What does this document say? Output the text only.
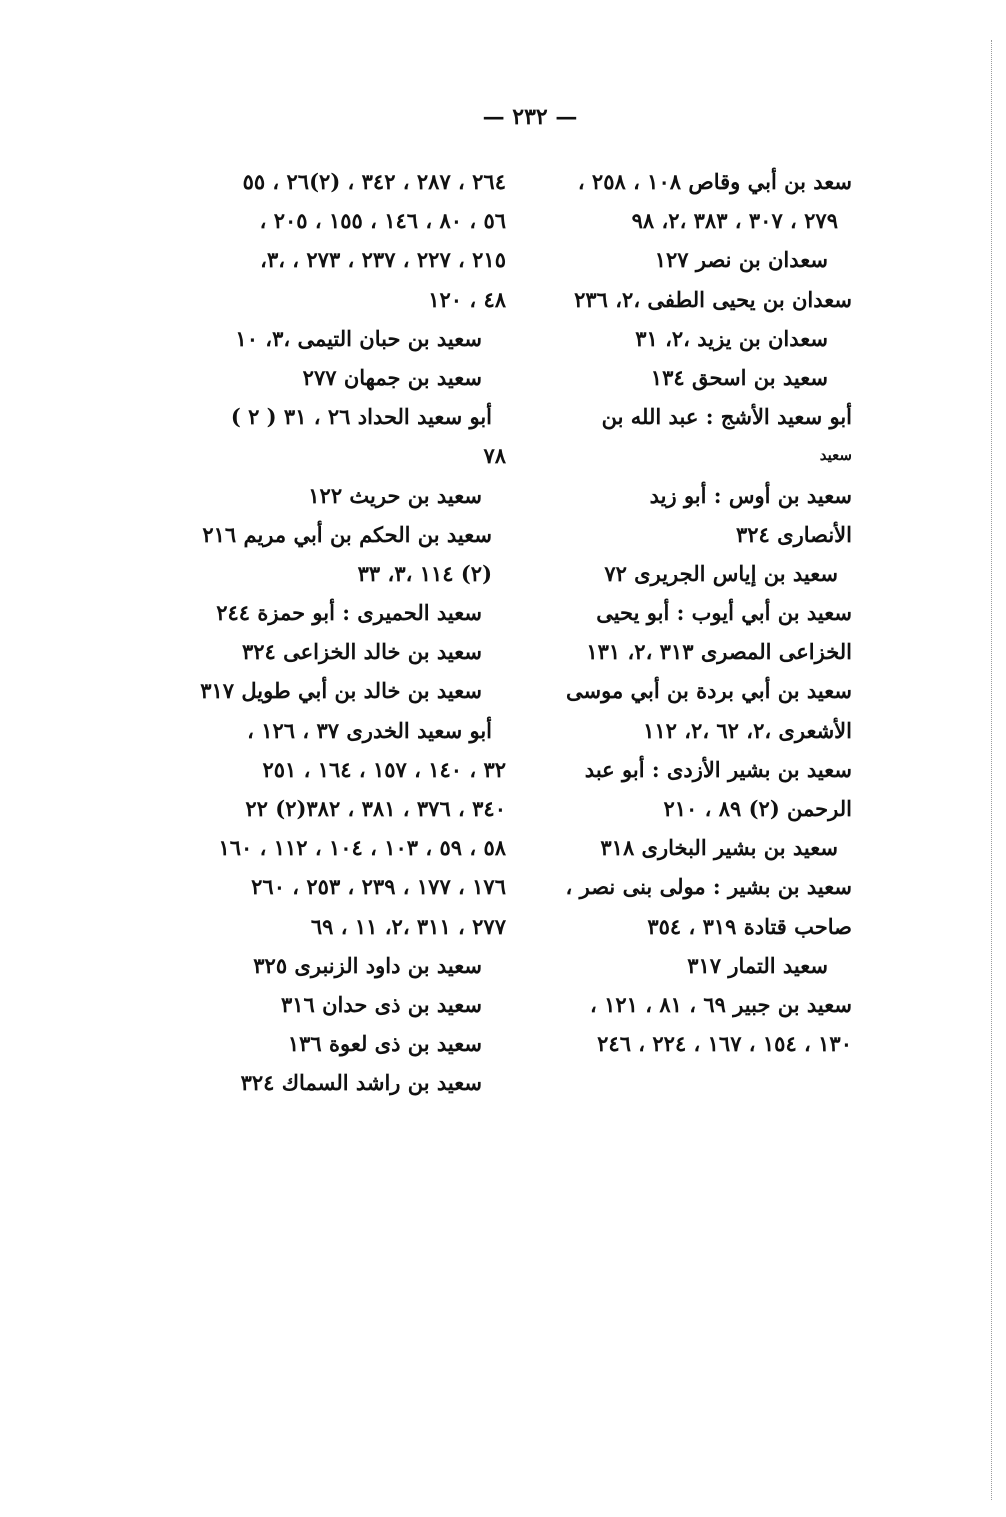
— ٢٣٢ —
سعد بن أبي وقاص ١٠٨ ، ٢٥٨ ،
٢٧٩ ، ٣٠٧ ، ٣٨٣ ،٢، ٩٨
سعدان بن نصر ١٢٧
سعدان بن يحيى الطفى ،٢، ٢٣٦
سعدان بن يزيد ،٢، ٣١
سعيد بن اسحق ١٣٤
أبو سعيد الأشج : عبد الله بن
سعيد
سعيد بن أوس : أبو زيد
الأنصارى ٣٢٤
سعيد بن إياس الجريرى ٧٢
سعيد بن أبي أيوب : أبو يحيى
الخزاعى المصرى ٣١٣ ،٢، ١٣١
سعيد بن أبي بردة بن أبي موسى
الأشعرى ،٢، ٦٢ ،٢، ١١٢
سعيد بن بشير الأزدى : أبو عبد
الرحمن (٢) ٨٩ ، ٢١٠
سعيد بن بشير البخارى ٣١٨
سعيد بن بشير : مولى بنى نصر ،
صاحب قتادة ٣١٩ ، ٣٥٤
سعيد التمار ٣١٧
سعيد بن جبير ٦٩ ، ٨١ ، ١٢١ ،
١٣٠ ، ١٥٤ ، ١٦٧ ، ٢٢٤ ، ٢٤٦
٢٦٤ ، ٢٨٧ ، ٣٤٢ ، (٢)٢٦ ، ٥٥
٥٦ ، ٨٠ ، ١٤٦ ، ١٥٥ ، ٢٠٥ ،
٢١٥ ، ٢٢٧ ، ٢٣٧ ، ٢٧٣ ، ،٣،
٤٨ ، ١٢٠
سعيد بن حبان التيمى ،٣، ١٠
سعيد بن جمهان ٢٧٧
أبو سعيد الحداد ٢٦ ، ٣١ ( ٢ )
٧٨
سعيد بن حريث ١٢٢
سعيد بن الحكم بن أبي مريم ٢١٦
(٢) ١١٤ ،٣، ٣٣
سعيد الحميرى : أبو حمزة ٢٤٤
سعيد بن خالد الخزاعى ٣٢٤
سعيد بن خالد بن أبي طويل ٣١٧
أبو سعيد الخدرى ٣٧ ، ١٢٦ ،
٣٢ ، ١٤٠ ، ١٥٧ ، ١٦٤ ، ٢٥١
٣٤٠ ، ٣٧٦ ، ٣٨١ ، ٣٨٢(٢) ٢٢
٥٨ ، ٥٩ ، ١٠٣ ، ١٠٤ ، ١١٢ ، ١٦٠
١٧٦ ، ١٧٧ ، ٢٣٩ ، ٢٥٣ ، ٢٦٠
٢٧٧ ، ٣١١ ،٢، ١١ ، ٦٩
سعيد بن داود الزنبرى ٣٢٥
سعيد بن ذى حدان ٣١٦
سعيد بن ذى لعوة ١٣٦
سعيد بن راشد السماك ٣٢٤
